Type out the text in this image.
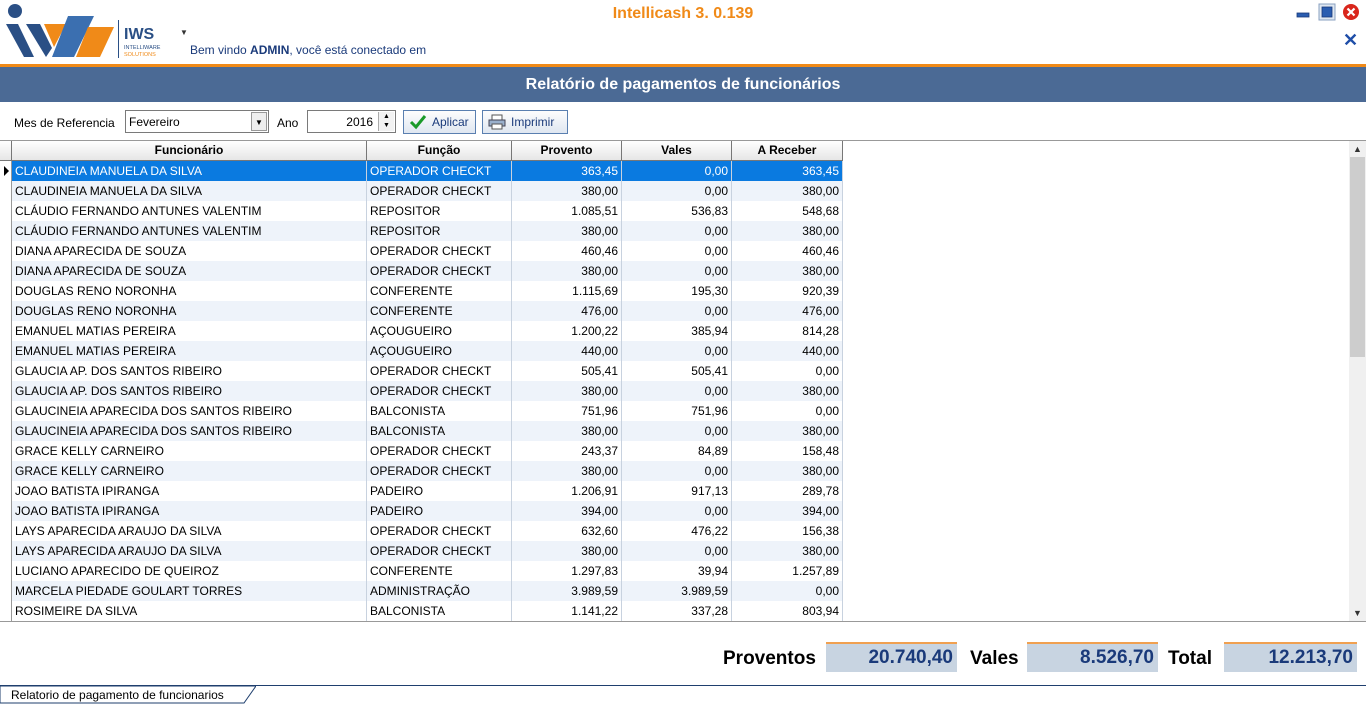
IWS
INTELLIWARE
SOLUTIONS
▼
Intellicash 3. 0.139
Bem vindo ADMIN, você está conectado em	✕
Relatório de pagamentos de funcionários
Mes de Referencia Fevereiro	▼	Ano	2016	▲
▼	Aplicar	Imprimir
Funcionário	Função	Provento	Vales	A Receber
CLAUDINEIA MANUELA DA SILVA	OPERADOR CHECKT	363,45	0,00	363,45
CLAUDINEIA MANUELA DA SILVA	OPERADOR CHECKT	380,00	0,00	380,00
CLÁUDIO FERNANDO ANTUNES VALENTIM	REPOSITOR	1.085,51	536,83	548,68
CLÁUDIO FERNANDO ANTUNES VALENTIM	REPOSITOR	380,00	0,00	380,00
DIANA APARECIDA DE SOUZA	OPERADOR CHECKT	460,46	0,00	460,46
DIANA APARECIDA DE SOUZA	OPERADOR CHECKT	380,00	0,00	380,00
DOUGLAS RENO NORONHA	CONFERENTE	1.115,69	195,30	920,39
DOUGLAS RENO NORONHA	CONFERENTE	476,00	0,00	476,00
EMANUEL MATIAS PEREIRA	AÇOUGUEIRO	1.200,22	385,94	814,28
EMANUEL MATIAS PEREIRA	AÇOUGUEIRO	440,00	0,00	440,00
GLAUCIA AP. DOS SANTOS RIBEIRO	OPERADOR CHECKT	505,41	505,41	0,00
GLAUCIA AP. DOS SANTOS RIBEIRO	OPERADOR CHECKT	380,00	0,00	380,00
GLAUCINEIA APARECIDA DOS SANTOS RIBEIRO	BALCONISTA	751,96	751,96	0,00
GLAUCINEIA APARECIDA DOS SANTOS RIBEIRO	BALCONISTA	380,00	0,00	380,00
GRACE KELLY CARNEIRO	OPERADOR CHECKT	243,37	84,89	158,48
GRACE KELLY CARNEIRO	OPERADOR CHECKT	380,00	0,00	380,00
JOAO BATISTA IPIRANGA	PADEIRO	1.206,91	917,13	289,78
JOAO BATISTA IPIRANGA	PADEIRO	394,00	0,00	394,00
LAYS APARECIDA ARAUJO DA SILVA	OPERADOR CHECKT	632,60	476,22	156,38
LAYS APARECIDA ARAUJO DA SILVA	OPERADOR CHECKT	380,00	0,00	380,00
LUCIANO APARECIDO DE QUEIROZ	CONFERENTE	1.297,83	39,94	1.257,89
MARCELA PIEDADE GOULART TORRES	ADMINISTRAÇÃO	3.989,59	3.989,59	0,00
ROSIMEIRE DA SILVA	BALCONISTA	1.141,22	337,28	803,94
▲
▼
Proventos	20.740,40 Vales	8.526,70 Total	12.213,70
Relatorio de pagamento de funcionarios
